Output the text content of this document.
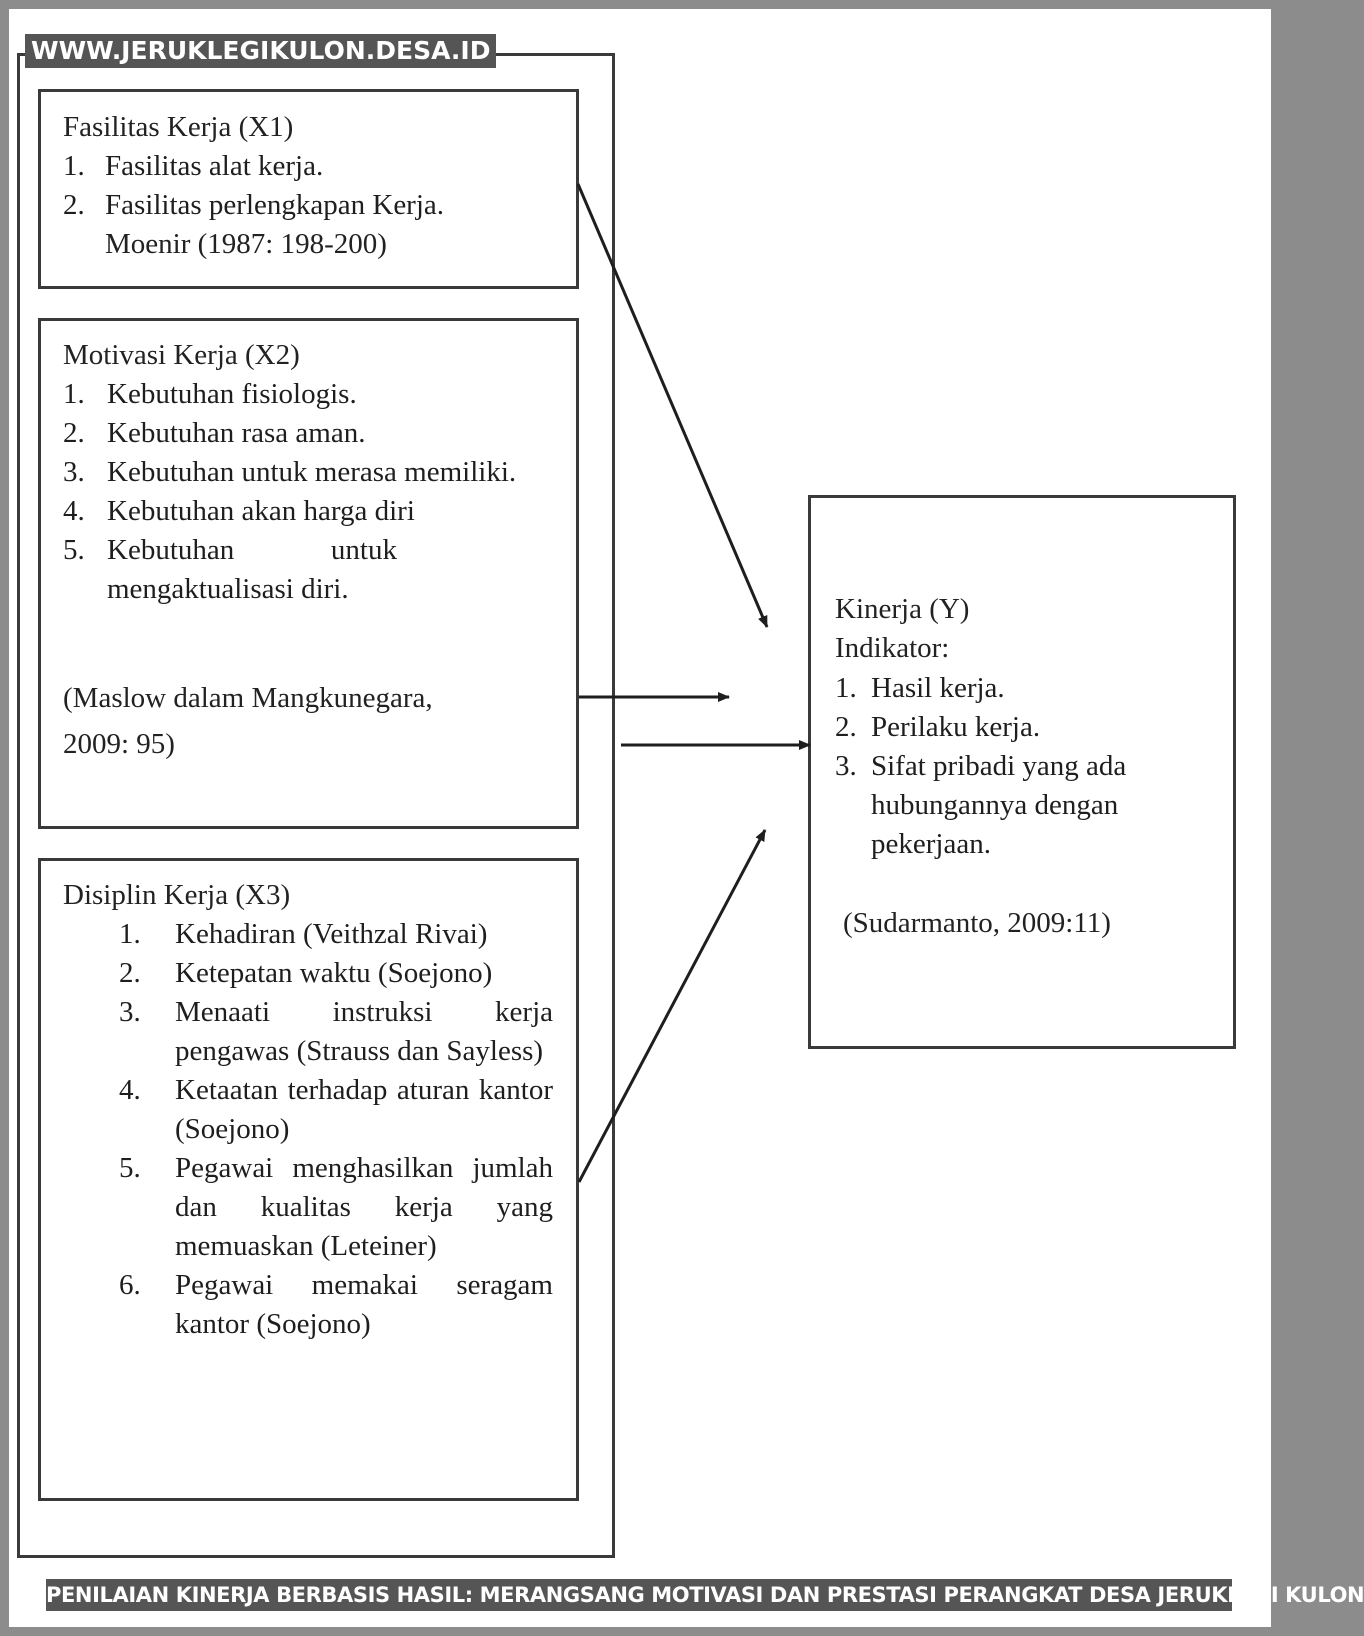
Fasilitas Kerja (X1)
1. Fasilitas alat kerja.
2. Fasilitas perlengkapan Kerja.
Moenir (1987: 198-200)
Motivasi Kerja (X2)
1. Kebutuhan fisiologis.
2. Kebutuhan rasa aman.
3. Kebutuhan untuk merasa memiliki.
4. Kebutuhan akan harga diri
5. Kebutuhan untuk mengaktualisasi diri.
(Maslow dalam Mangkunegara, 2009: 95)
Disiplin Kerja (X3)
1.	Kehadiran (Veithzal Rivai)
2.	Ketepatan waktu (Soejono)
3.	Menaati instruksi kerja pengawas (Strauss dan Sayless)
4.	Ketaatan terhadap aturan kantor (Soejono)
5.	Pegawai menghasilkan jumlah dan kualitas kerja yang memuaskan (Leteiner)
6.	Pegawai memakai seragam kantor (Soejono)
Kinerja (Y)
Indikator:
1. Hasil kerja.
2. Perilaku kerja.
3. Sifat pribadi yang ada hubungannya dengan pekerjaan.
(Sudarmanto, 2009:11)
WWW.JERUKLEGIKULON.DESA.ID
PENILAIAN KINERJA BERBASIS HASIL: MERANGSANG MOTIVASI DAN PRESTASI PERANGKAT DESA JERUKLEGI KULON
